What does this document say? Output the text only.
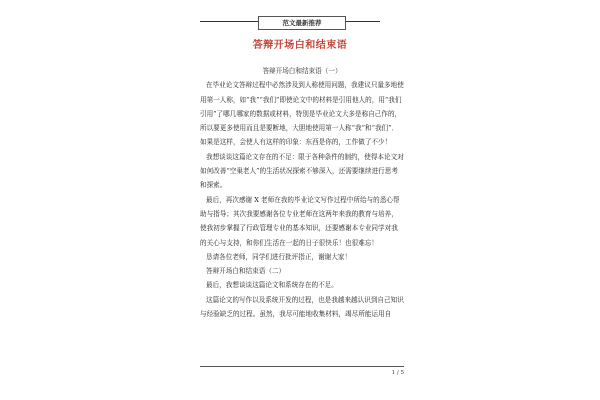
范文最新推荐
答辩开场白和结束语

答辩开场白和结束语（一）

在毕业论文答辩过程中必然涉及到人称使用问题，我建议只量多地使用第一人称，如“我”“我们”即使论文中的材料是引用他人的，用“我们引用”了哪几哪家的数据或材料，特别是毕业论文大多是称自己作的，所以要更多使用而且是要断地，大胆地使用第一人称“我”和“我们”．如果是这样，会使人有这样的印象：东西是你的，工作做了不少！

我想谈谈这篇论文存在的不足：限于各种条件的制约，使得本论文对如何改善“空巢老人”的生活状况探索不够深入，还需要继续进行思考和探索。

最后，再次感谢 X 老师在我的毕业论文写作过程中所给与的悉心帮助与指导；其次我要感谢各位专业老师在这两年来我的教育与培养，使我初步掌握了行政管理专业的基本知识，还要感谢本专业同学对我的关心与支持，和你们生活在一起的日子很快乐！也很难忘！

恳请各位老师，同学们进行批评指正，谢谢大家！

答辩开场白和结束语（二）

最后，我想谈谈这篇论文和系统存在的不足。

这篇论文的写作以及系统开发的过程，也是我越来越认识到自己知识与经验缺乏的过程。虽然，我尽可能地收集材料，竭尽所能运用自

1 / 5
